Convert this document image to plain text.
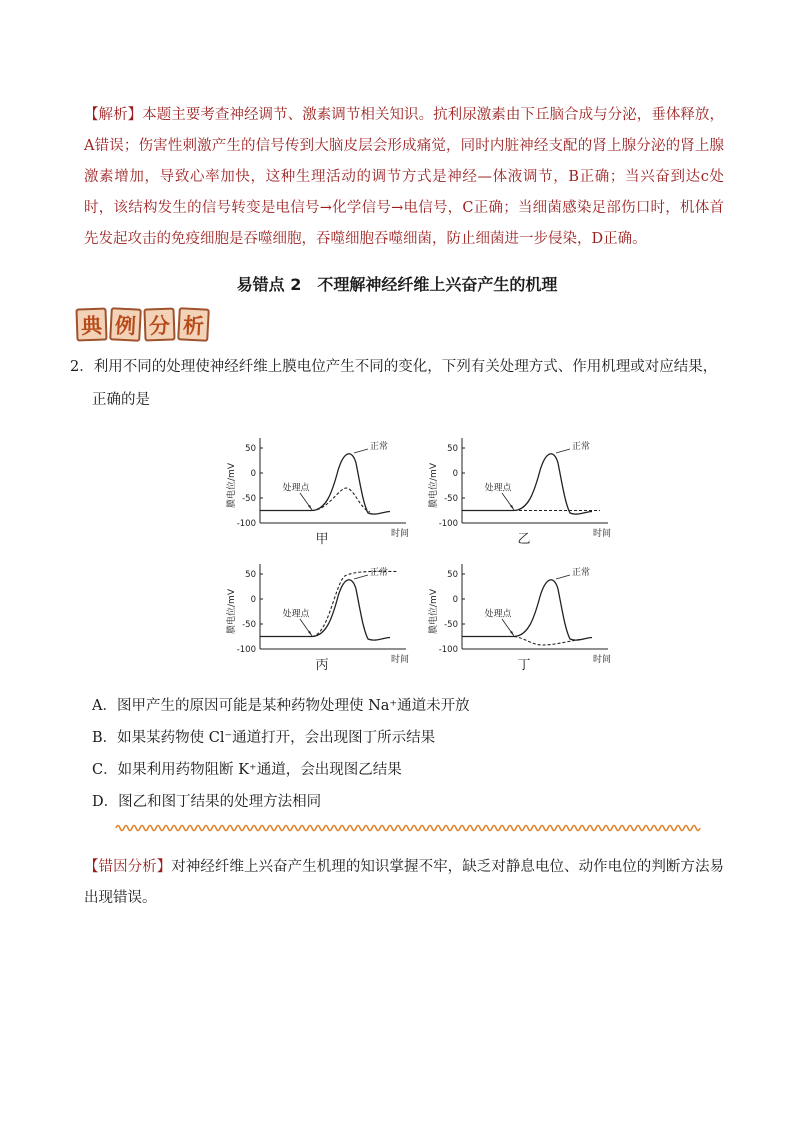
【解析】本题主要考查神经调节、激素调节相关知识。抗利尿激素由下丘脑合成与分泌，垂体释放，A错误；伤害性刺激产生的信号传到大脑皮层会形成痛觉，同时内脏神经支配的肾上腺分泌的肾上腺激素增加，导致心率加快，这种生理活动的调节方式是神经—体液调节，B正确；当兴奋到达c处时，该结构发生的信号转变是电信号→化学信号→电信号，C正确；当细菌感染足部伤口时，机体首先发起攻击的免疫细胞是吞噬细胞，吞噬细胞吞噬细菌，防止细菌进一步侵染，D正确。
易错点 2　不理解神经纤维上兴奋产生的机理
典 例 分 析
2．利用不同的处理使神经纤维上膜电位产生不同的变化，下列有关处理方式、作用机理或对应结果，正确的是
50
0
-50
-100
膜电位/mV
时间
甲
正常
处理点
50
0
-50
-100
膜电位/mV
时间
乙
正常
处理点
50
0
-50
-100
膜电位/mV
时间
丙
正常
处理点
50
0
-50
-100
膜电位/mV
时间
丁
正常
处理点
A．图甲产生的原因可能是某种药物处理使 Na⁺通道未开放
B．如果某药物使 Cl⁻通道打开，会出现图丁所示结果
C．如果利用药物阻断 K⁺通道，会出现图乙结果
D．图乙和图丁结果的处理方法相同
【错因分析】对神经纤维上兴奋产生机理的知识掌握不牢，缺乏对静息电位、动作电位的判断方法易出现错误。
